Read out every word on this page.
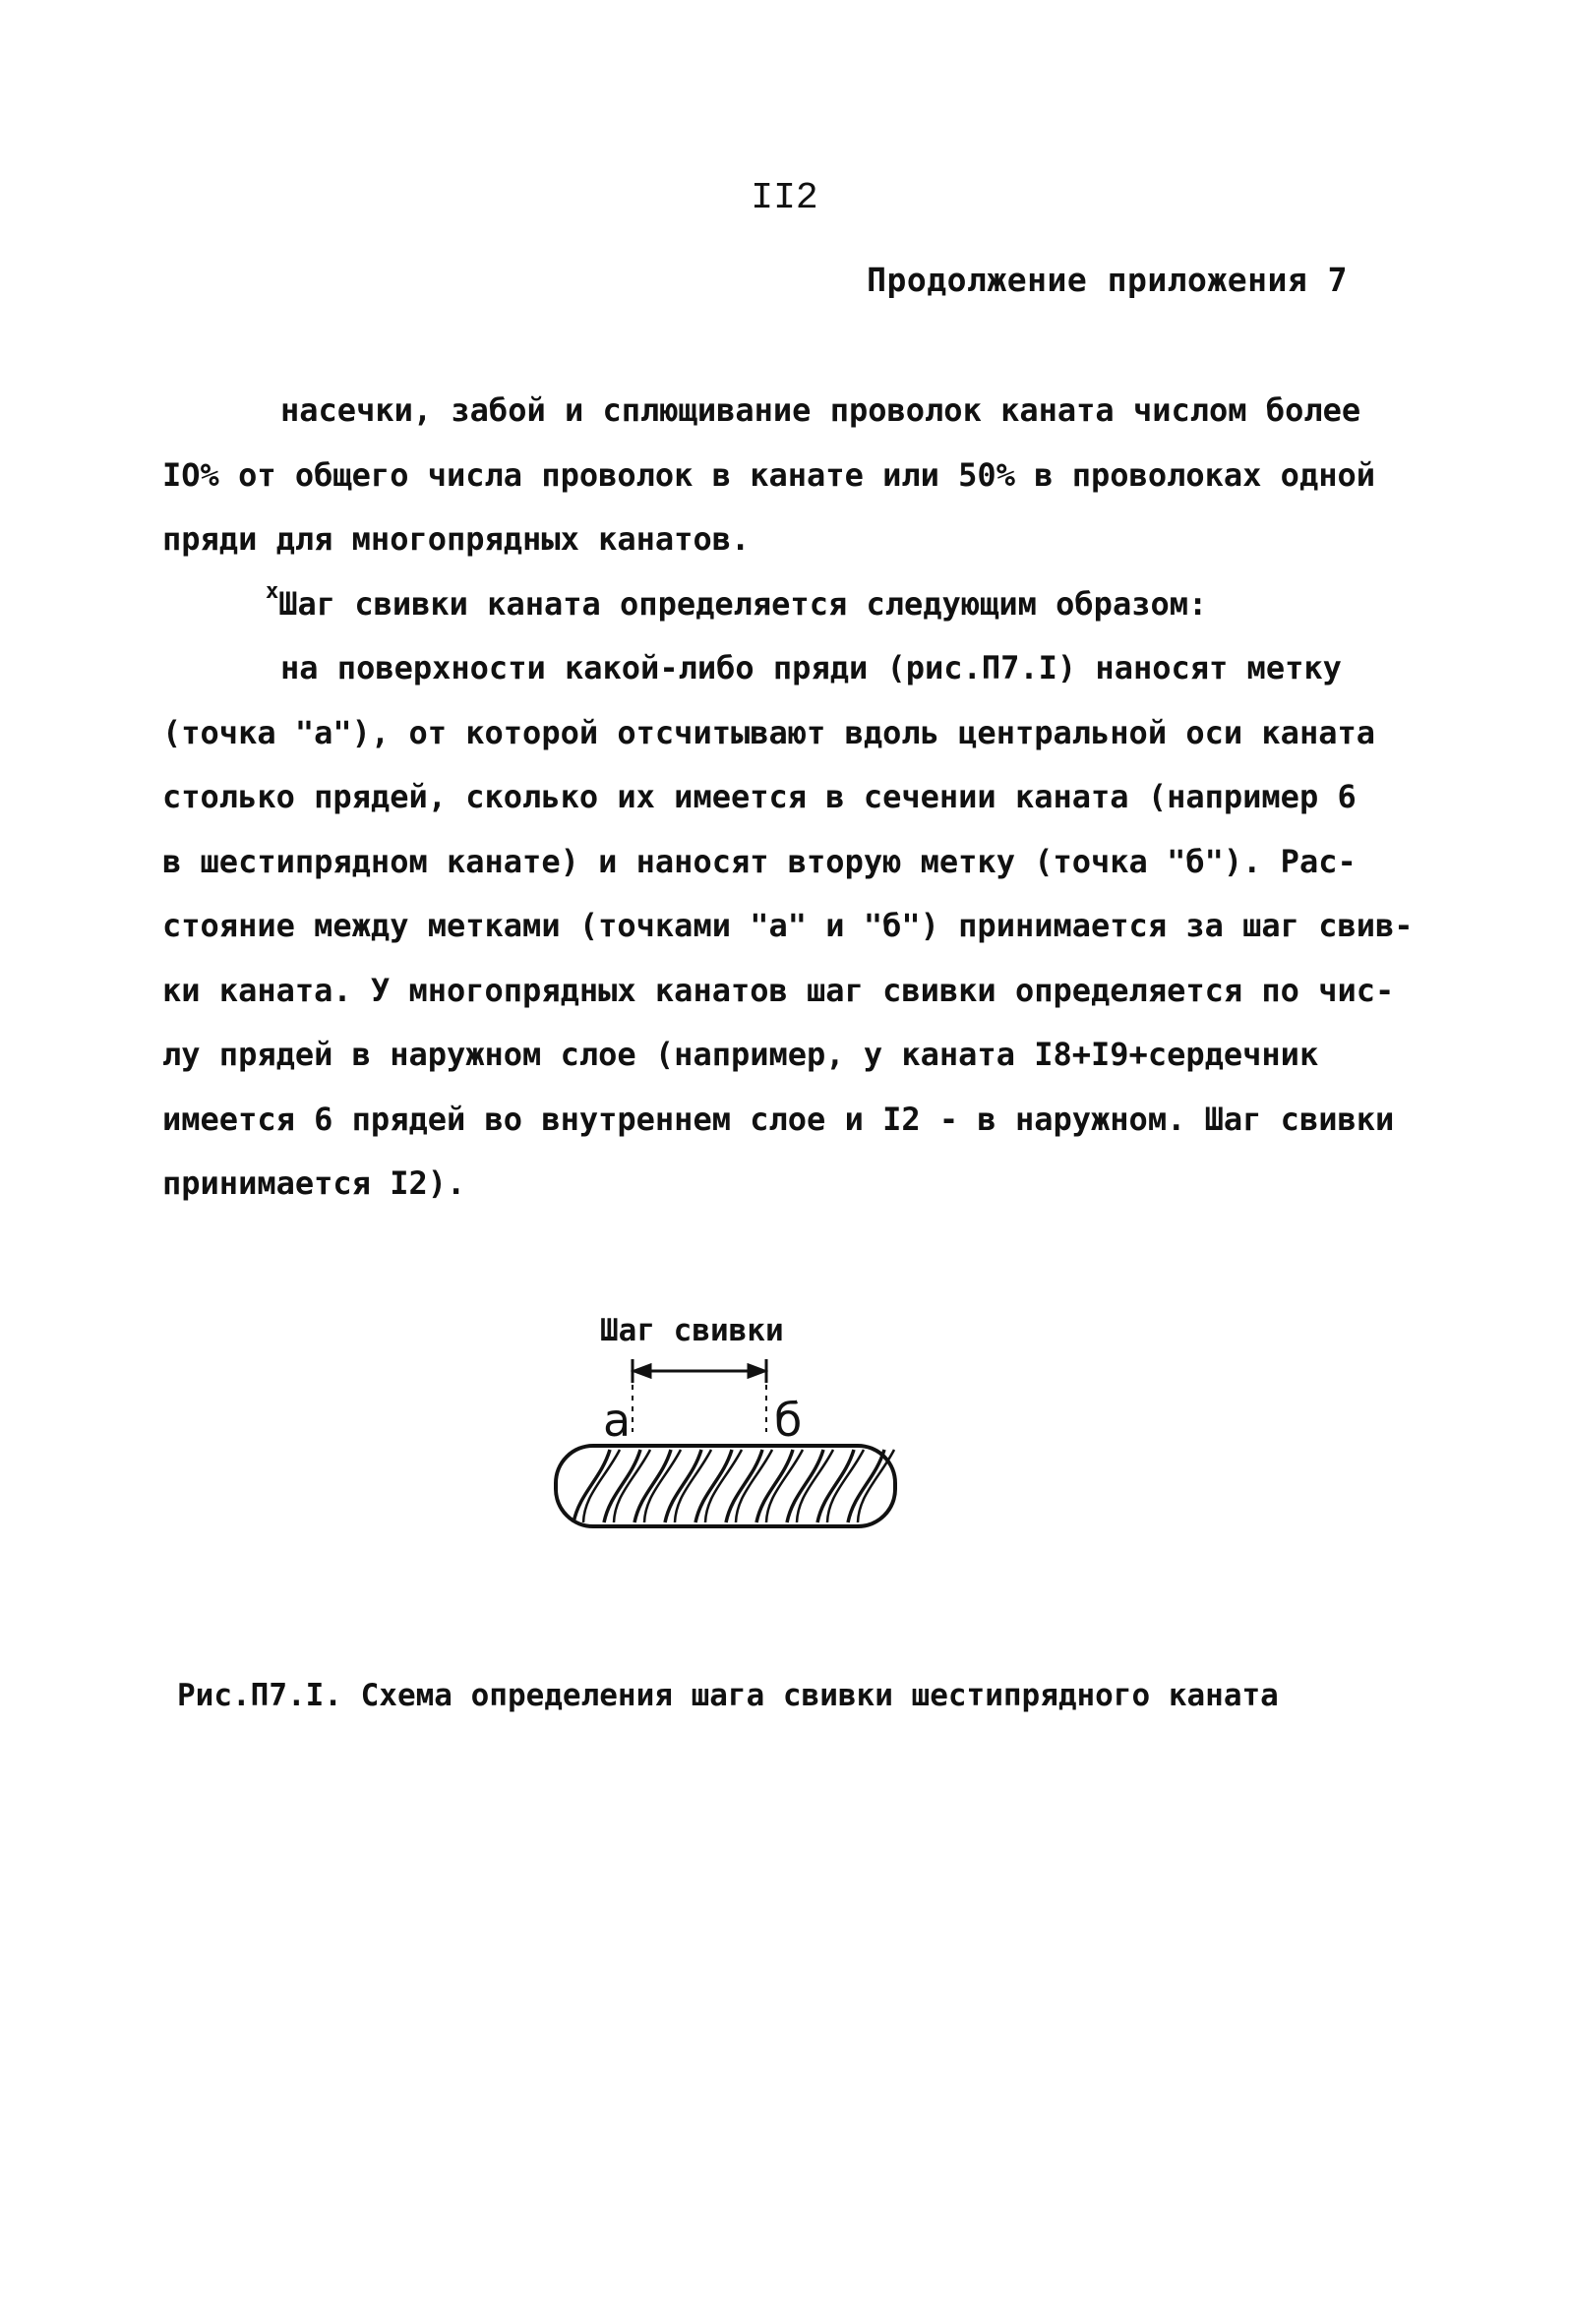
II2
Продолжение приложения 7
насечки, забой и сплющивание проволок каната числом более
IO% от общего числа проволок в канате или 50% в проволоках одной
пряди для многопрядных канатов.
$^x$Шаг свивки каната определяется следующим образом:
на поверхности какой-либо пряди (рис.П7.I) наносят метку
(точка "а"), от которой отсчитывают вдоль центральной оси каната
столько прядей, сколько их имеется в сечении каната (например 6
в шестипрядном канате) и наносят вторую метку (точка "б"). Рас-
стояние между метками (точками "а" и "б") принимается за шаг свив-
ки каната. У многопрядных канатов шаг свивки определяется по чис-
лу прядей в наружном слое (например, у каната I8+I9+сердечник
имеется 6 прядей во внутреннем слое и I2 - в наружном. Шаг свивки
принимается I2).
Шаг свивки
а	б
Рис.П7.I. Схема определения шага свивки шестипрядного каната
